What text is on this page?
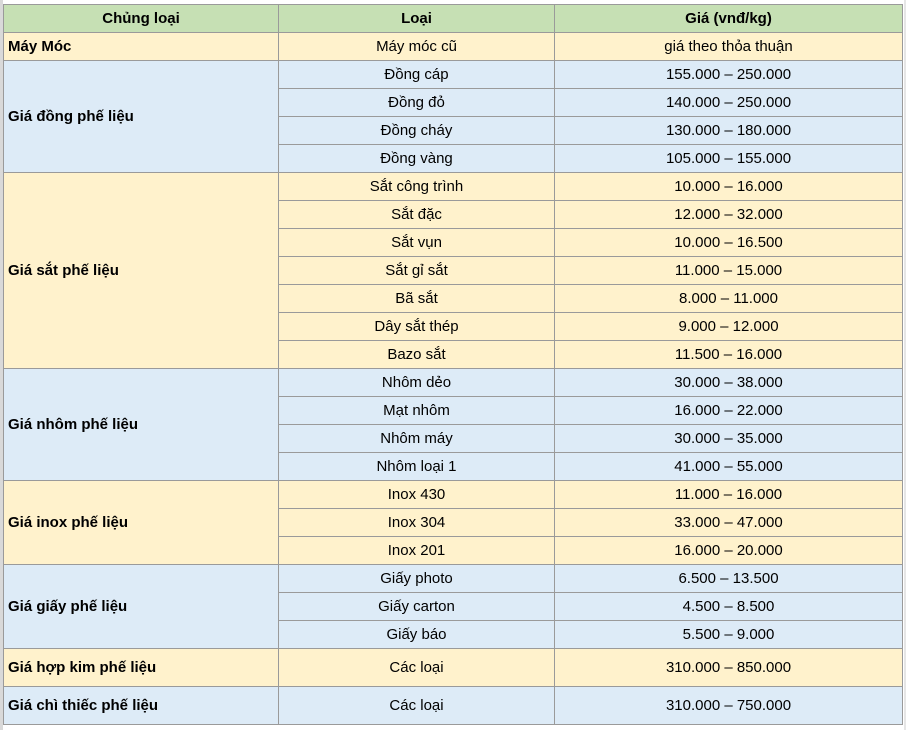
Chủng loại	Loại	Giá (vnđ/kg)
Máy Móc	Máy móc cũ	giá theo thỏa thuận
Giá đồng phế liệu	Đồng cáp	155.000 – 250.000
	Đồng đỏ	140.000 – 250.000
	Đồng cháy	130.000 – 180.000
	Đồng vàng	105.000 – 155.000
Giá sắt phế liệu	Sắt công trình	10.000 – 16.000
	Sắt đặc	12.000 – 32.000
	Sắt vụn	10.000 – 16.500
	Sắt gỉ sắt	11.000 – 15.000
	Bã sắt	8.000 – 11.000
	Dây sắt thép	9.000 – 12.000
	Bazo sắt	11.500 – 16.000
Giá nhôm phế liệu	Nhôm dẻo	30.000 – 38.000
	Mạt nhôm	16.000 – 22.000
	Nhôm máy	30.000 – 35.000
	Nhôm loại 1	41.000 – 55.000
Giá inox phế liệu	Inox 430	11.000 – 16.000
	Inox 304	33.000 – 47.000
	Inox 201	16.000 – 20.000
Giá giấy phế liệu	Giấy photo	6.500 – 13.500
	Giấy carton	4.500 – 8.500
	Giấy báo	5.500 – 9.000
Giá hợp kim phế liệu	Các loại	310.000 – 850.000
Giá chì thiếc phế liệu	Các loại	310.000 – 750.000
